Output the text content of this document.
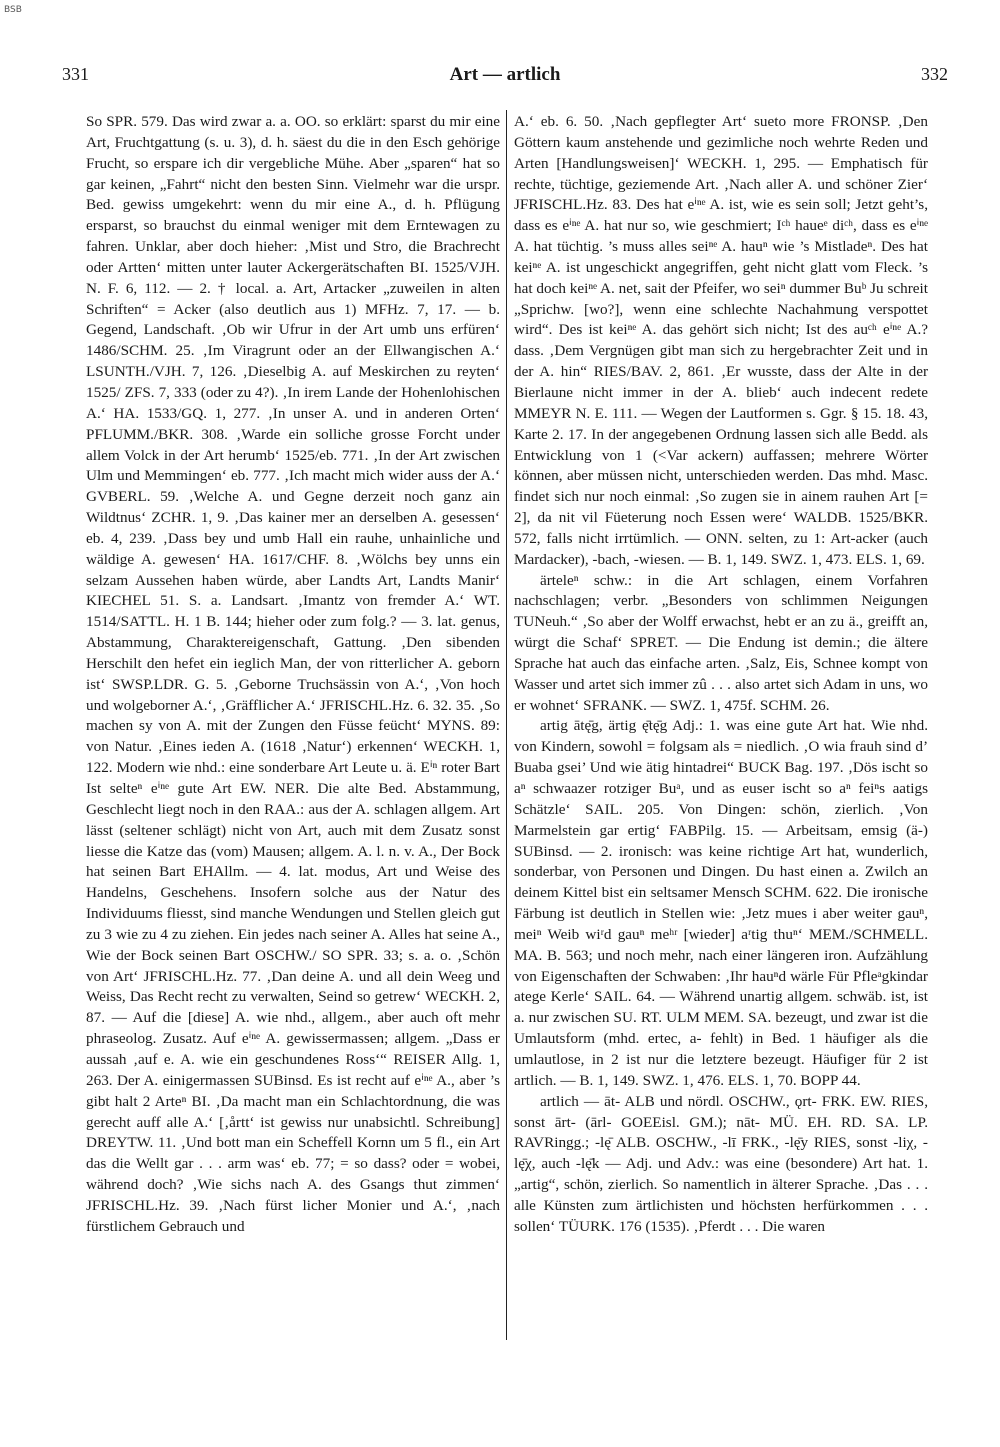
BSB
331	Art — artlich	332

So SPR. 579. Das wird zwar a. a. OO. so erklärt: sparst du mir eine Art, Fruchtgattung (s. u. 3), d. h. säest du die in den Esch gehörige Frucht, so erspare ich dir vergebliche Mühe. Aber „sparen“ hat so gar keinen, „Fahrt“ nicht den besten Sinn. Vielmehr war die urspr. Bed. gewiss umgekehrt: wenn du mir eine A., d. h. Pflügung ersparst, so brauchst du einmal weniger mit dem Erntewagen zu fahren. Unklar, aber doch hieher: ‚Mist und Stro, die Brachrecht oder Artten‘ mitten unter lauter Ackergerätschaften BI. 1525/VJH. N. F. 6, 112. — 2. † local. a. Art, Artacker „zuweilen in alten Schriften“ = Acker (also deutlich aus 1) MFHz. 7, 17. — b. Gegend, Landschaft. ‚Ob wir Ufrur in der Art umb uns erfüren‘ 1486/SCHM. 25. ‚Im Viragrunt oder an der Ellwangischen A.‘ LSUNTH./VJH. 7, 126. ‚Dieselbig A. auf Meskirchen zu reyten‘ 1525/ ZFS. 7, 333 (oder zu 4?). ‚In irem Lande der Hohenlohischen A.‘ HA. 1533/GQ. 1, 277. ‚In unser A. und in anderen Orten‘ PFLUMM./BKR. 308. ‚Warde ein solliche grosse Forcht under allem Volck in der Art herumb‘ 1525/eb. 771. ‚In der Art zwischen Ulm und Memmingen‘ eb. 777. ‚Ich macht mich wider auss der A.‘ GVBERL. 59. ‚Welche A. und Gegne derzeit noch ganz ain Wildtnus‘ ZCHR. 1, 9. ‚Das kainer mer an derselben A. gesessen‘ eb. 4, 239. ‚Dass bey und umb Hall ein rauhe, unhainliche und wäldige A. gewesen‘ HA. 1617/CHF. 8. ‚Wölchs bey unns ein selzam Aussehen haben würde, aber Landts Art, Landts Manir‘ KIECHEL 51. S. a. Landsart. ‚Imantz von fremder A.‘ WT. 1514/SATTL. H. 1 B. 144; hieher oder zum folg.? — 3. lat. genus, Abstammung, Charaktereigenschaft, Gattung. ‚Den sibenden Herschilt den hefet ein ieglich Man, der von ritterlicher A. geborn ist‘ SWSP.LDR. G. 5. ‚Geborne Truchsässin von A.‘, ‚Von hoch und wolgeborner A.‘, ‚Gräfflicher A.‘ JFRISCHL.Hz. 6. 32. 35. ‚So machen sy von A. mit der Zungen den Füsse feücht‘ MYNS. 89: von Natur. ‚Eines ieden A. (1618 ‚Natur‘) erkennen‘ WECKH. 1, 122. Modern wie nhd.: eine sonderbare Art Leute u. ä. Eⁱⁿ roter Bart Ist selteⁿ eⁱⁿᵉ gute Art EW. NER. Die alte Bed. Abstammung, Geschlecht liegt noch in den RAA.: aus der A. schlagen allgem. Art lässt (seltener schlägt) nicht von Art, auch mit dem Zusatz sonst liesse die Katze das (vom) Mausen; allgem. A. l. n. v. A., Der Bock hat seinen Bart EHAllm. — 4. lat. modus, Art und Weise des Handelns, Geschehens. Insofern solche aus der Natur des Individuums fliesst, sind manche Wendungen und Stellen gleich gut zu 3 wie zu 4 zu ziehen. Ein jedes nach seiner A. Alles hat seine A., Wie der Bock seinen Bart OSCHW./ SO SPR. 33; s. a. o. ‚Schön von Art‘ JFRISCHL.Hz. 77. ‚Dan deine A. und all dein Weeg und Weiss, Das Recht recht zu verwalten, Seind so getrew‘ WECKH. 2, 87. — Auf die [diese] A. wie nhd., allgem., aber auch oft mehr phraseolog. Zusatz. Auf eⁱⁿᵉ A. gewissermassen; allgem. „Dass er aussah ‚auf e. A. wie ein geschundenes Ross‘“ REISER Allg. 1, 263. Der A. einigermassen SUBinsd. Es ist recht auf eⁱⁿᵉ A., aber ’s gibt halt 2 Arteⁿ BI. ‚Da macht man ein Schlachtordnung, die was gerecht auff alle A.‘ [‚årtt‘ ist gewiss nur unabsichtl. Schreibung] DREYTW. 11. ‚Und bott man ein Scheffell Kornn um 5 fl., ein Art das die Wellt gar . . . arm was‘ eb. 77; = so dass? oder = wobei, während doch? ‚Wie sichs nach A. des Gsangs thut zimmen‘ JFRISCHL.Hz. 39. ‚Nach fürst licher Monier und A.‘, ‚nach fürstlichem Gebrauch und

A.‘ eb. 6. 50. ‚Nach gepflegter Art‘ sueto more FRONSP. ‚Den Göttern kaum anstehende und gezimliche noch wehrte Reden und Arten [Handlungsweisen]‘ WECKH. 1, 295. — Emphatisch für rechte, tüchtige, geziemende Art. ‚Nach aller A. und schöner Zier‘ JFRISCHL.Hz. 83. Des hat eⁱⁿᵉ A. ist, wie es sein soll; Jetzt geht’s, dass es eⁱⁿᵉ A. hat nur so, wie geschmiert; Iᶜʰ haueᵉ diᶜʰ, dass es eⁱⁿᵉ A. hat tüchtig. ’s muss alles seiⁿᵉ A. hauⁿ wie ’s Mistladeⁿ. Des hat keiⁿᵉ A. ist ungeschickt angegriffen, geht nicht glatt vom Fleck. ’s hat doch keiⁿᵉ A. net, sait der Pfeifer, wo seiⁿ dummer Buᵇ Ju schreit „Sprichw. [wo?], wenn eine schlechte Nachahmung verspottet wird“. Des ist keiⁿᵉ A. das gehört sich nicht; Ist des auᶜʰ eⁱⁿᵉ A.? dass. ‚Dem Vergnügen gibt man sich zu hergebrachter Zeit und in der A. hin“ RIES/BAV. 2, 861. ‚Er wusste, dass der Alte in der Bierlaune nicht immer in der A. blieb‘ auch indecent redete MMEYR N. E. 111. — Wegen der Lautformen s. Ggr. § 15. 18. 43, Karte 2. 17. In der angegebenen Ordnung lassen sich alle Bedd. als Entwicklung von 1 (<Var ackern) auffassen; mehrere Wörter können, aber müssen nicht, unterschieden werden. Das mhd. Masc. findet sich nur noch einmal: ‚So zugen sie in ainem rauhen Art [= 2], da nit vil Füeterung noch Essen were‘ WALDB. 1525/BKR. 572, falls nicht irrtümlich. — ONN. selten, zu 1: Art-acker (auch Mardacker), -bach, -wiesen. — B. 1, 149. SWZ. 1, 473. ELS. 1, 69.

ärteleⁿ schw.: in die Art schlagen, einem Vorfahren nachschlagen; verbr. „Besonders von schlimmen Neigungen TUNeuh.“ ‚So aber der Wolff erwachst, hebt er an zu ä., greifft an, würgt die Schaf‘ SPRET. — Die Endung ist demin.; die ältere Sprache hat auch das einfache arten. ‚Salz, Eis, Schnee kompt von Wasser und artet sich immer zû . . . also artet sich Adam in uns, wo er wohnet‘ SFRANK. — SWZ. 1, 475f. SCHM. 26.

artig ātę̄g, ärtig ę̄tę̄g Adj.: 1. was eine gute Art hat. Wie nhd. von Kindern, sowohl = folgsam als = niedlich. ‚O wia frauh sind d’ Buaba gsei’ Und wie ätig hintadrei“ BUCK Bag. 197. ‚Dös ischt so aⁿ schwaazer rotziger Buᵃ, und as euser ischt so aⁿ feiⁿs aatigs Schätzle‘ SAIL. 205. Von Dingen: schön, zierlich. ‚Von Marmelstein gar ertig‘ FABPilg. 15. — Arbeitsam, emsig (ä-) SUBinsd. — 2. ironisch: was keine richtige Art hat, wunderlich, sonderbar, von Personen und Dingen. Du hast einen a. Zwilch an deinem Kittel bist ein seltsamer Mensch SCHM. 622. Die ironische Färbung ist deutlich in Stellen wie: ‚Jetz mues i aber weiter gauⁿ, meiⁿ Weib wiʳd gauⁿ meʰʳ [wieder] aʳtig thuⁿ‘ MEM./SCHMELL. MA. B. 563; und noch mehr, nach einer längeren iron. Aufzählung von Eigenschaften der Schwaben: ‚Ihr hauⁿd wärle Für Pfleᵃgkindar atege Kerle‘ SAIL. 64. — Während unartig allgem. schwäb. ist, ist a. nur zwischen SU. RT. ULM MEM. SA. bezeugt, und zwar ist die Umlautsform (mhd. ertec, a- fehlt) in Bed. 1 häufiger als die umlautlose, in 2 ist nur die letztere bezeugt. Häufiger für 2 ist artlich. — B. 1, 149. SWZ. 1, 476. ELS. 1, 70. BOPP 44.

artlich — āt- ALB und nördl. OSCHW., ǫrt- FRK. EW. RIES, sonst ārt- (ārl- GOEEisl. GM.); nāt- MÜ. EH. RD. SA. LP. RAVRingg.; -lę̄ ALB. OSCHW., -lī FRK., -lę̄y RIES, sonst -liχ, -lę̄χ, auch -lę̄k — Adj. und Adv.: was eine (besondere) Art hat. 1. „artig“, schön, zierlich. So namentlich in älterer Sprache. ‚Das . . . alle Künsten zum ärtlichisten und höchsten herfürkommen . . . sollen‘ TÜURK. 176 (1535). ‚Pferdt . . . Die waren
